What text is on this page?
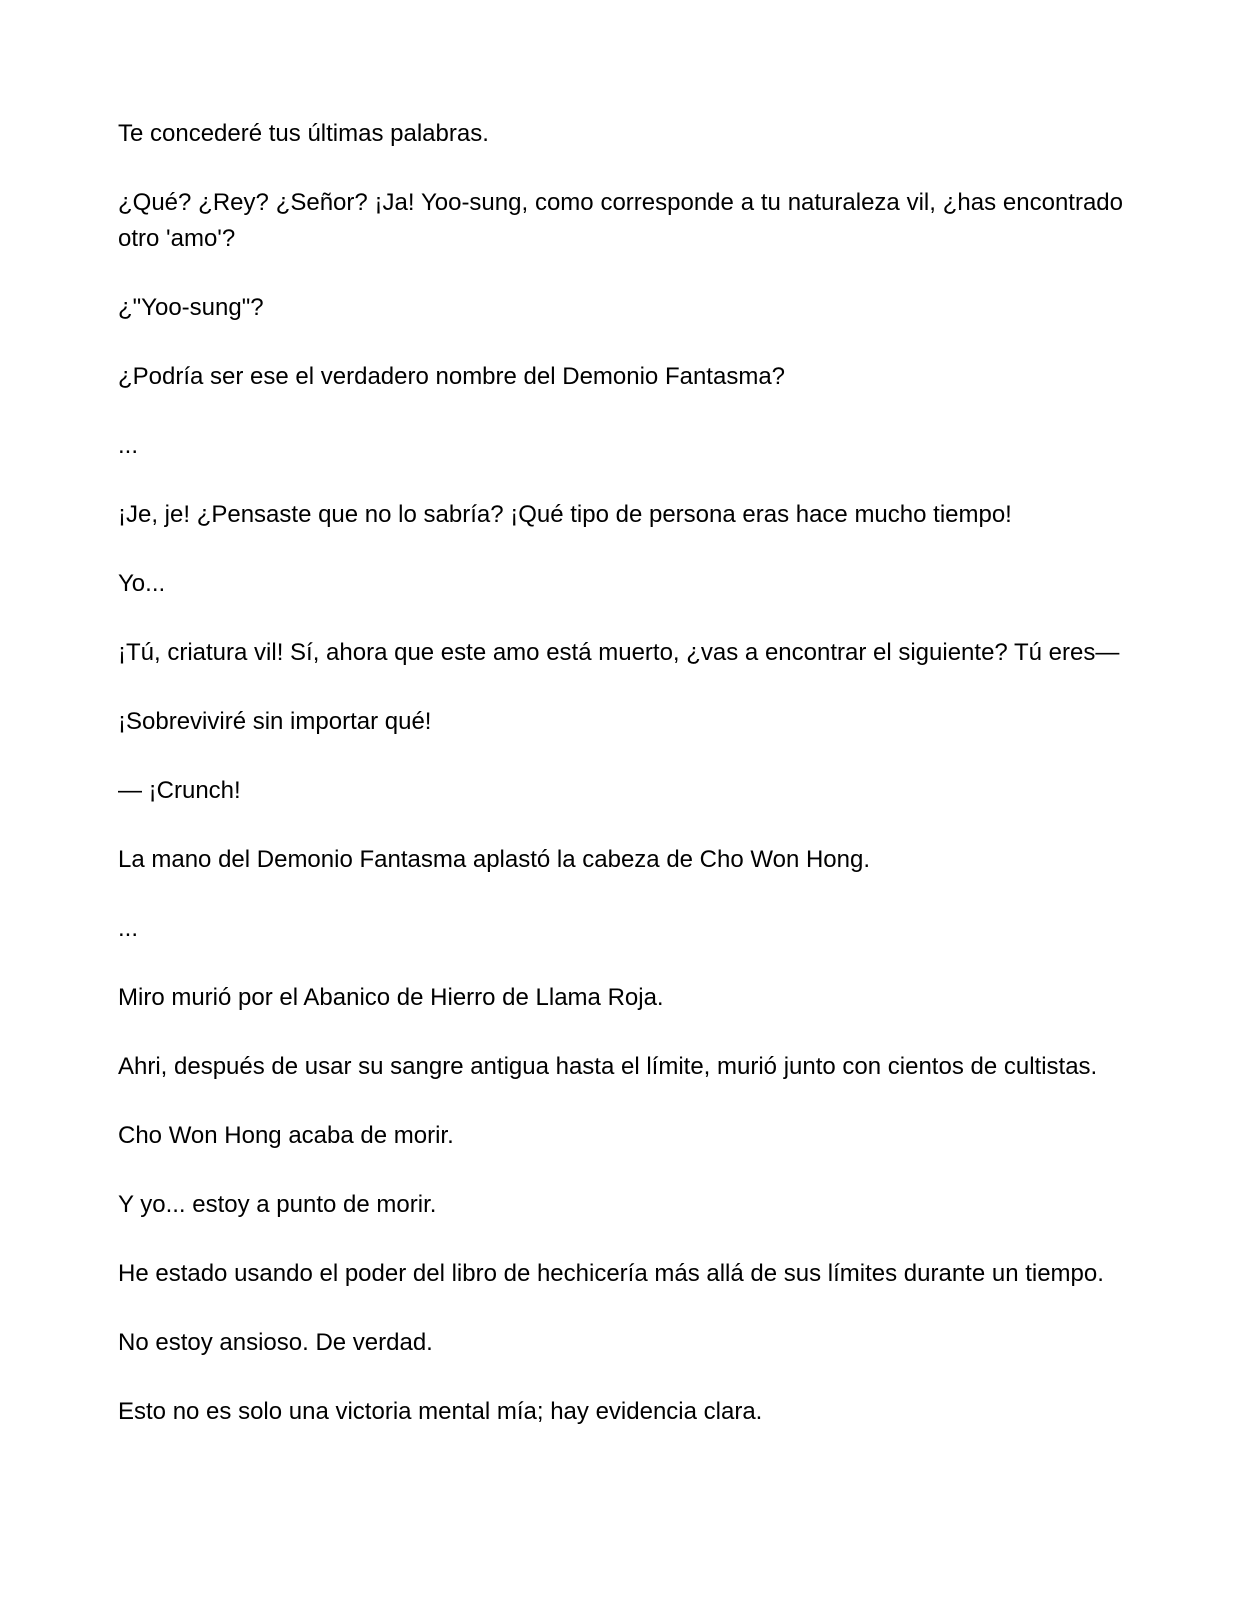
Te concederé tus últimas palabras.

¿Qué? ¿Rey? ¿Señor? ¡Ja! Yoo-sung, como corresponde a tu naturaleza vil, ¿has encontrado otro 'amo'?

¿"Yoo-sung"?

¿Podría ser ese el verdadero nombre del Demonio Fantasma?

...

¡Je, je! ¿Pensaste que no lo sabría? ¡Qué tipo de persona eras hace mucho tiempo!

Yo...

¡Tú, criatura vil! Sí, ahora que este amo está muerto, ¿vas a encontrar el siguiente? Tú eres—

¡Sobreviviré sin importar qué!

— ¡Crunch!

La mano del Demonio Fantasma aplastó la cabeza de Cho Won Hong.

...

Miro murió por el Abanico de Hierro de Llama Roja.

Ahri, después de usar su sangre antigua hasta el límite, murió junto con cientos de cultistas.

Cho Won Hong acaba de morir.

Y yo... estoy a punto de morir.

He estado usando el poder del libro de hechicería más allá de sus límites durante un tiempo.

No estoy ansioso. De verdad.

Esto no es solo una victoria mental mía; hay evidencia clara.
